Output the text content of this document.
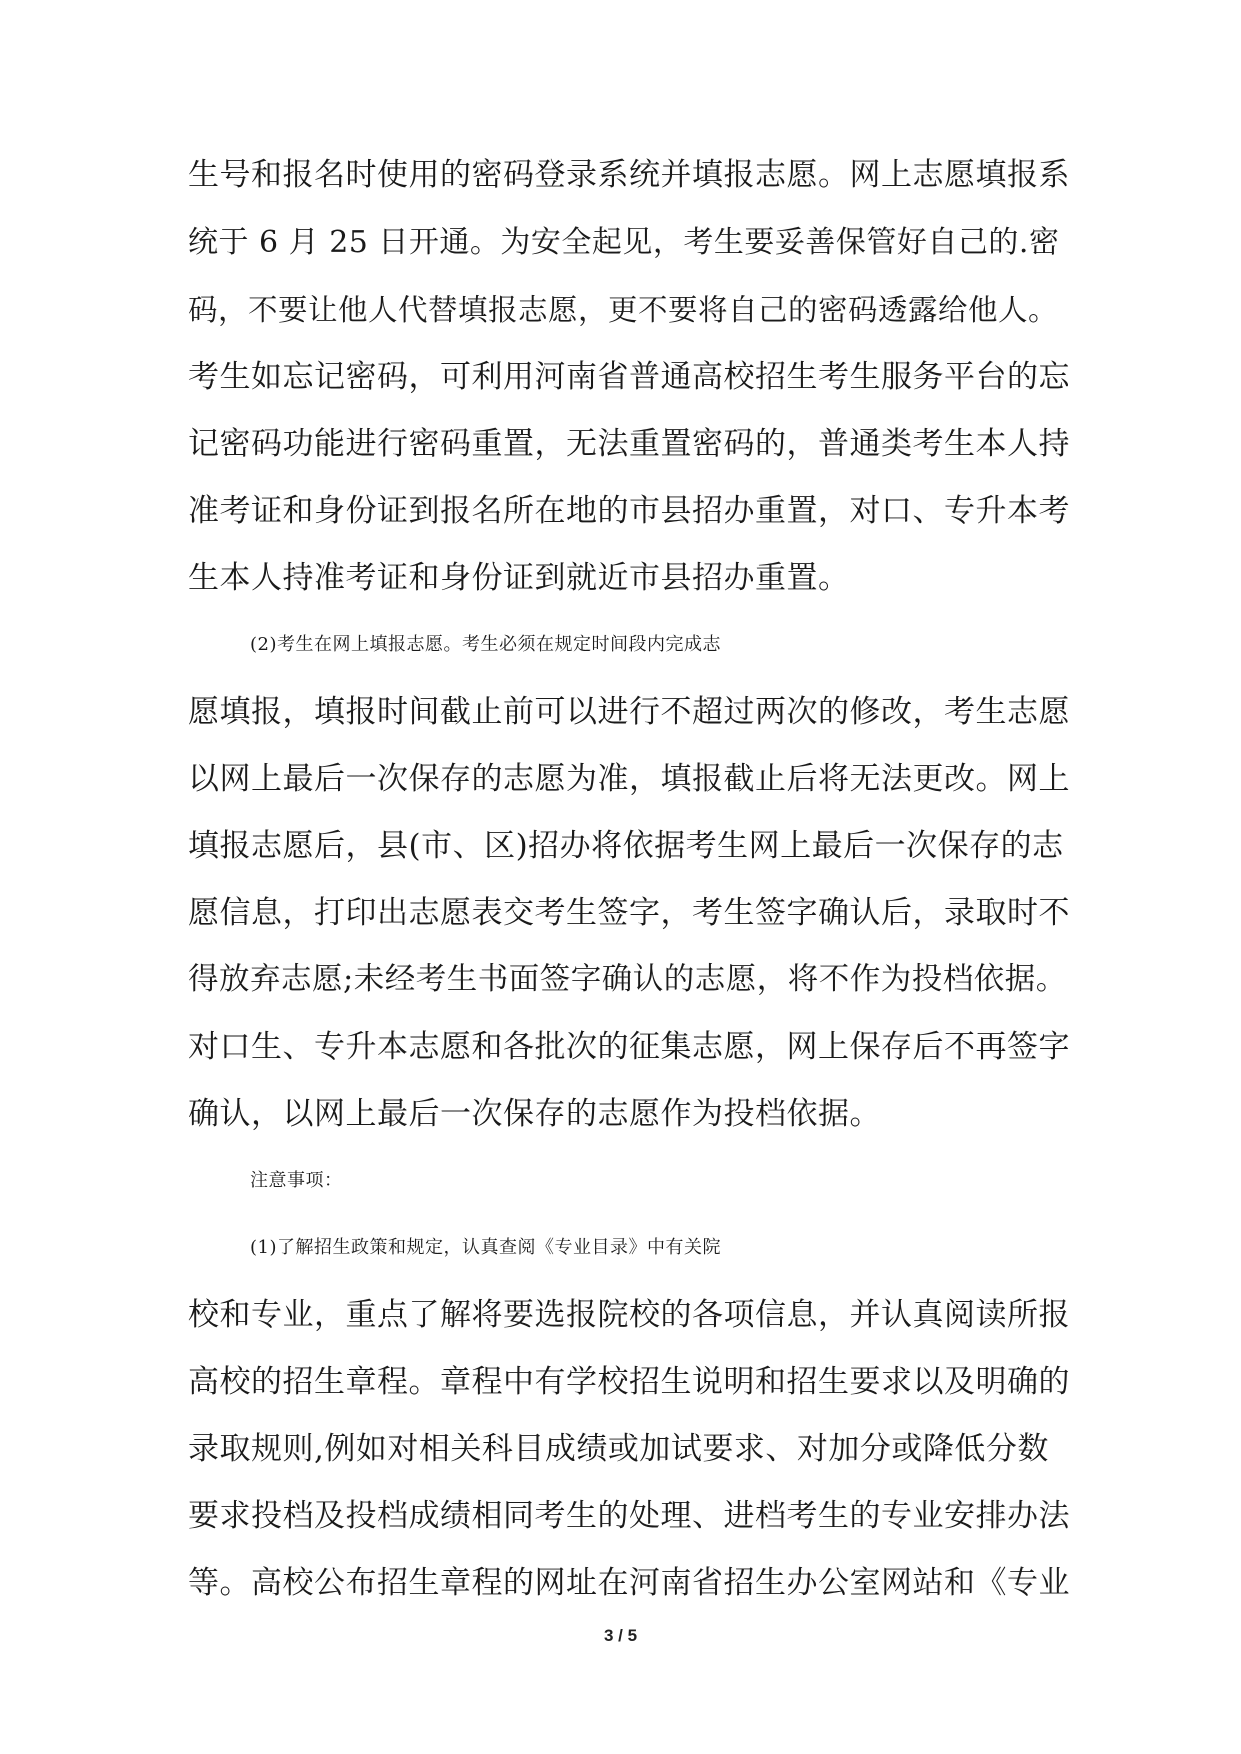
生号和报名时使用的密码登录系统并填报志愿。网上志愿填报系
统于 6 月 25 日开通。为安全起见，考生要妥善保管好自己的.密
码，不要让他人代替填报志愿，更不要将自己的密码透露给他人。
考生如忘记密码，可利用河南省普通高校招生考生服务平台的忘
记密码功能进行密码重置，无法重置密码的，普通类考生本人持
准考证和身份证到报名所在地的市县招办重置，对口、专升本考
生本人持准考证和身份证到就近市县招办重置。
(2)考生在网上填报志愿。考生必须在规定时间段内完成志
愿填报，填报时间截止前可以进行不超过两次的修改，考生志愿
以网上最后一次保存的志愿为准，填报截止后将无法更改。网上
填报志愿后，县(市、区)招办将依据考生网上最后一次保存的志
愿信息，打印出志愿表交考生签字，考生签字确认后，录取时不
得放弃志愿;未经考生书面签字确认的志愿，将不作为投档依据。
对口生、专升本志愿和各批次的征集志愿，网上保存后不再签字
确认，以网上最后一次保存的志愿作为投档依据。
注意事项：
(1)了解招生政策和规定，认真查阅《专业目录》中有关院
校和专业，重点了解将要选报院校的各项信息，并认真阅读所报
高校的招生章程。章程中有学校招生说明和招生要求以及明确的
录取规则,例如对相关科目成绩或加试要求、对加分或降低分数
要求投档及投档成绩相同考生的处理、进档考生的专业安排办法
等。高校公布招生章程的网址在河南省招生办公室网站和《专业
3 / 5
